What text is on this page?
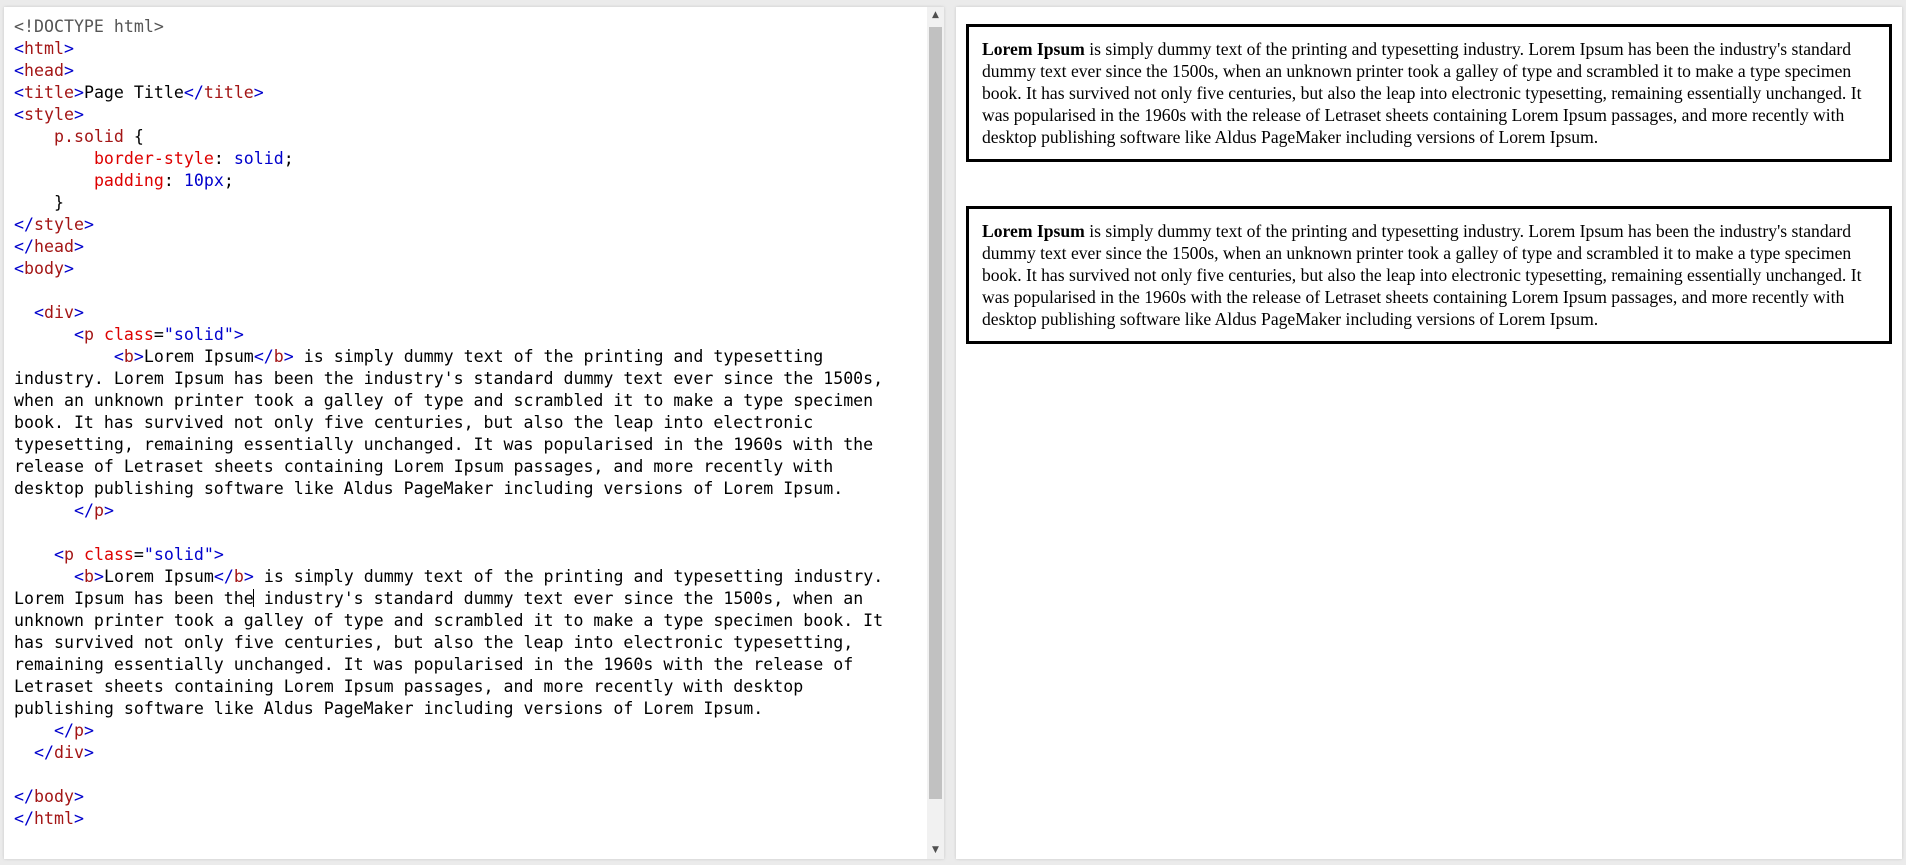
<!DOCTYPE html>
<html>
<head>
<title>Page Title</title>
<style>
p.solid {
border-style: solid;
padding: 10px;
}
</style>
</head>
<body>
<div>
<p class="solid">
<b>Lorem Ipsum</b> is simply dummy text of the printing and typesetting
industry. Lorem Ipsum has been the industry's standard dummy text ever since the 1500s,
when an unknown printer took a galley of type and scrambled it to make a type specimen
book. It has survived not only five centuries, but also the leap into electronic
typesetting, remaining essentially unchanged. It was popularised in the 1960s with the
release of Letraset sheets containing Lorem Ipsum passages, and more recently with
desktop publishing software like Aldus PageMaker including versions of Lorem Ipsum.
</p>
<p class="solid">
<b>Lorem Ipsum</b> is simply dummy text of the printing and typesetting industry.
Lorem Ipsum has been the industry's standard dummy text ever since the 1500s, when an
unknown printer took a galley of type and scrambled it to make a type specimen book. It
has survived not only five centuries, but also the leap into electronic typesetting,
remaining essentially unchanged. It was popularised in the 1960s with the release of
Letraset sheets containing Lorem Ipsum passages, and more recently with desktop
publishing software like Aldus PageMaker including versions of Lorem Ipsum.
</p>
</div>
</body>
</html>
▲
▼

Lorem Ipsum is simply dummy text of the printing and typesetting industry. Lorem Ipsum has been the industry's standard dummy text ever since the 1500s, when an unknown printer took a galley of type and scrambled it to make a type specimen book. It has survived not only five centuries, but also the leap into electronic typesetting, remaining essentially unchanged. It was popularised in the 1960s with the release of Letraset sheets containing Lorem Ipsum passages, and more recently with desktop publishing software like Aldus PageMaker including versions of Lorem Ipsum.

Lorem Ipsum is simply dummy text of the printing and typesetting industry. Lorem Ipsum has been the industry's standard dummy text ever since the 1500s, when an unknown printer took a galley of type and scrambled it to make a type specimen book. It has survived not only five centuries, but also the leap into electronic typesetting, remaining essentially unchanged. It was popularised in the 1960s with the release of Letraset sheets containing Lorem Ipsum passages, and more recently with desktop publishing software like Aldus PageMaker including versions of Lorem Ipsum.
